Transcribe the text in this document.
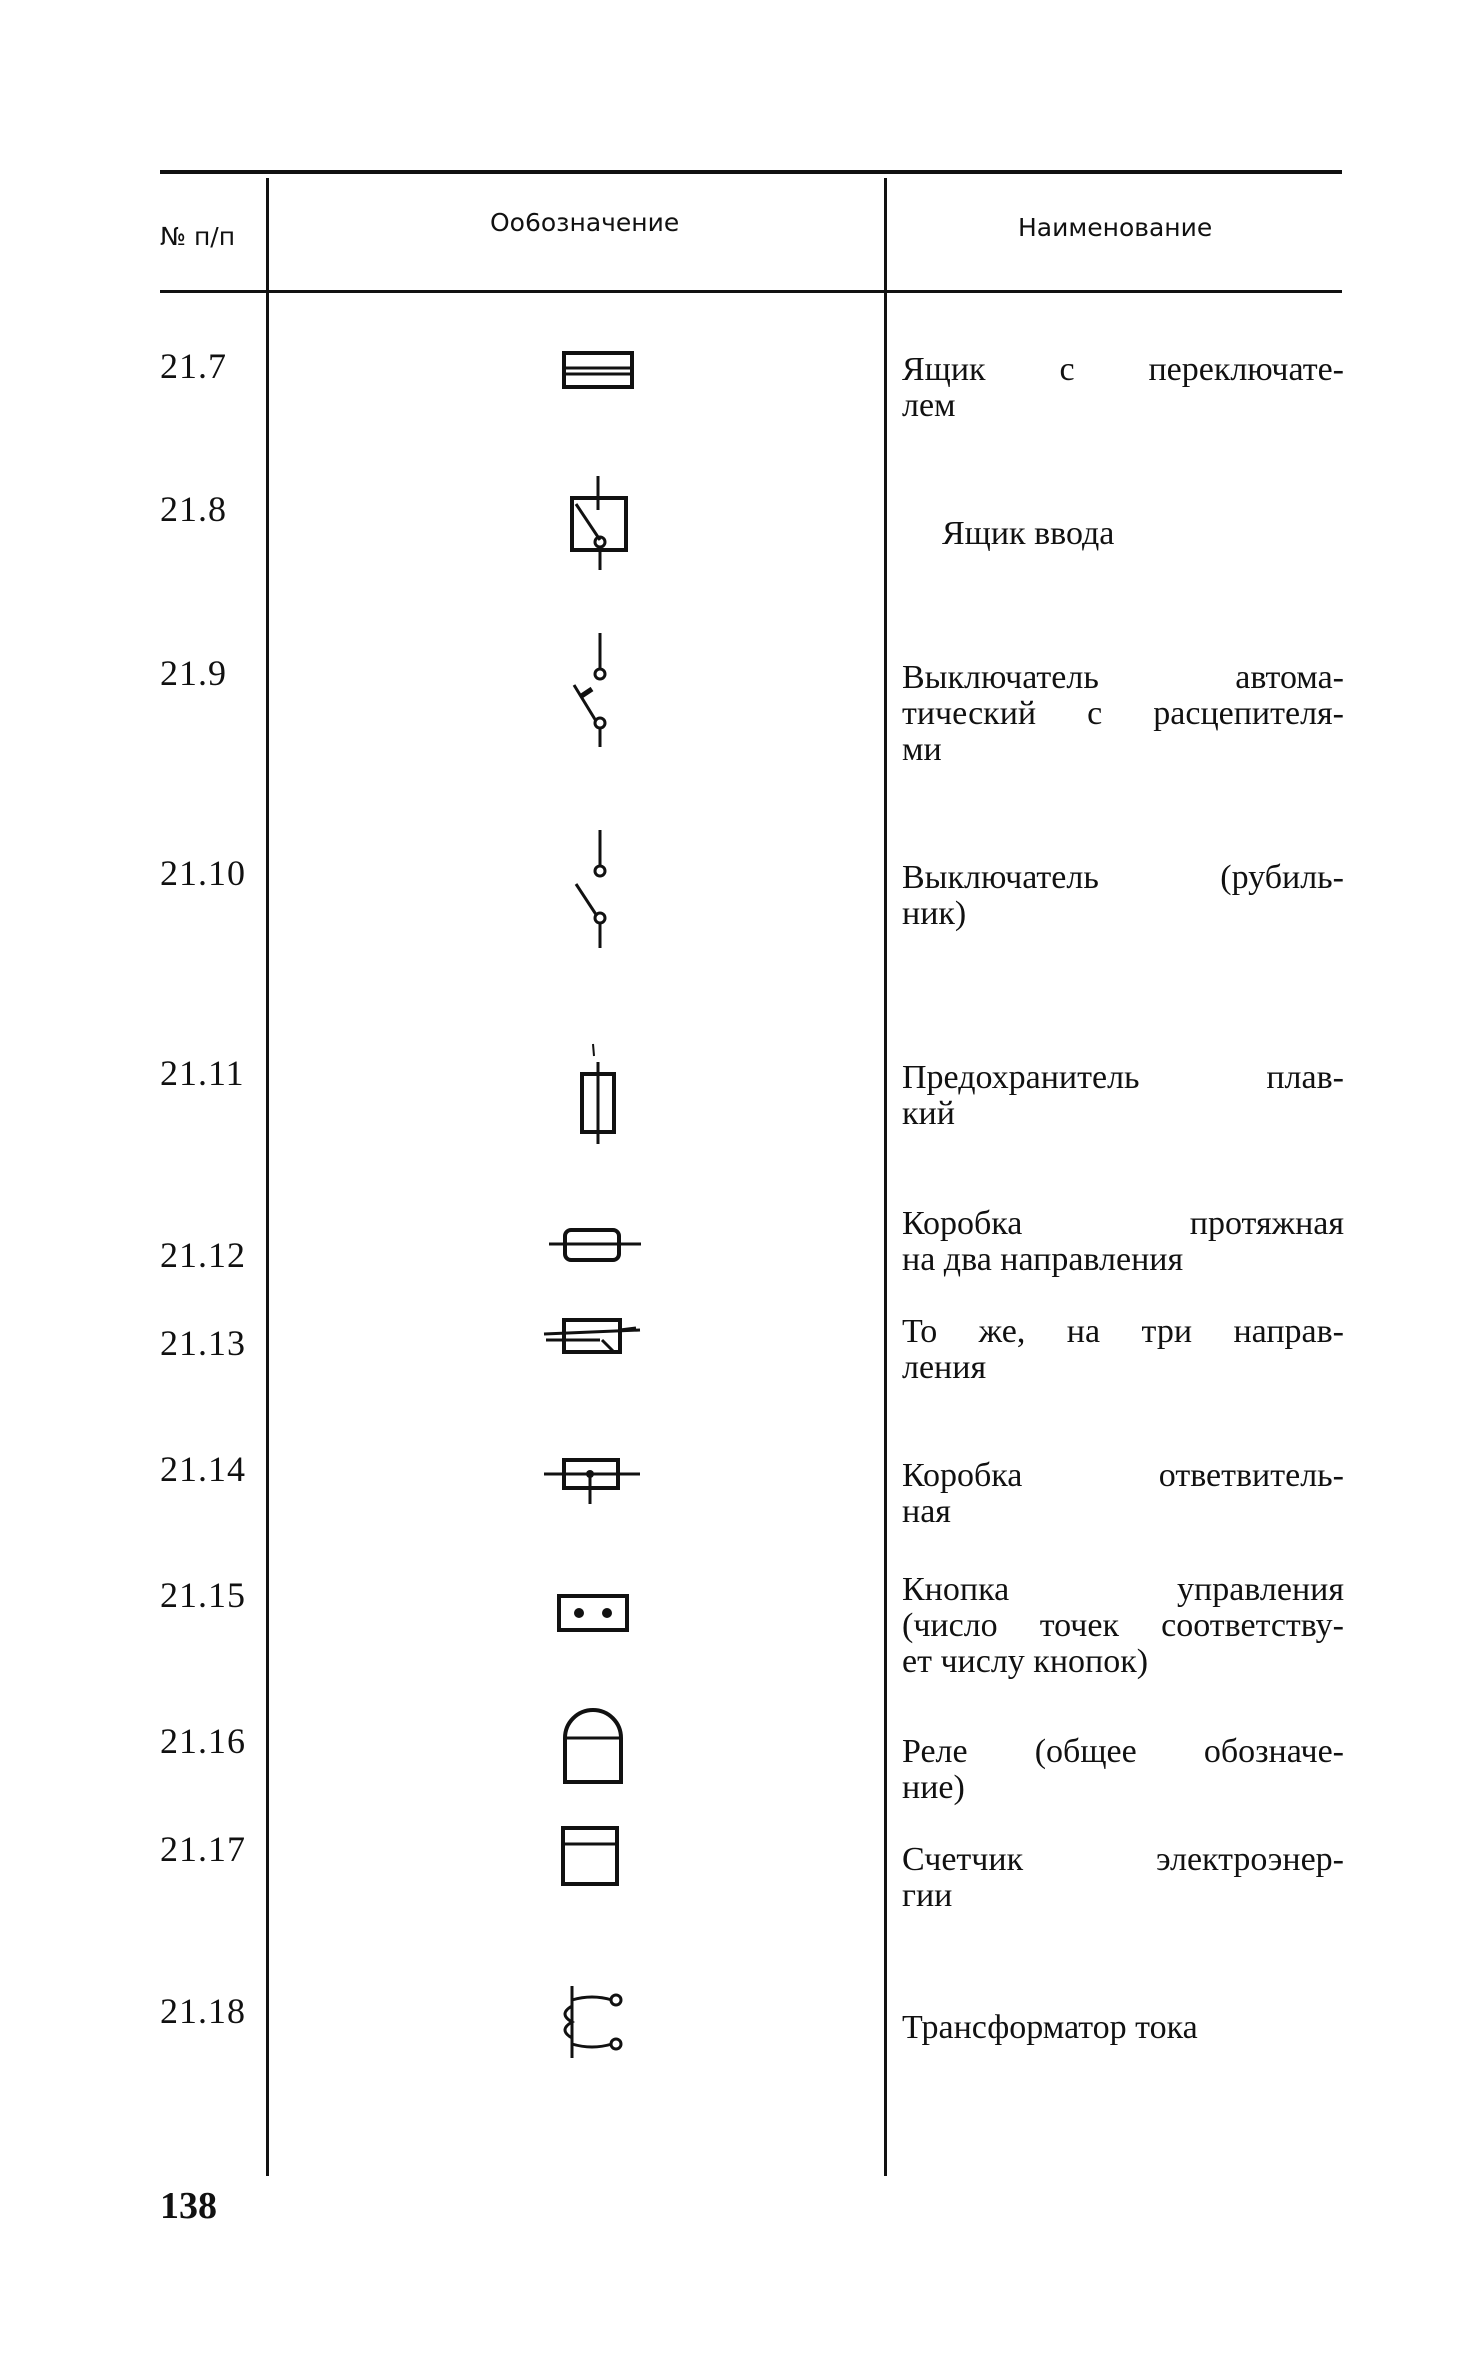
№ п/п	Оо6означение	Наименование
21.7
21.8
21.9
21.10
21.11
21.12
21.13
21.14
21.15
21.16
21.17
21.18
Ящик с переключате-
лем
Ящик ввода
Выключатель автома-
тический с расцепителя-
ми
Выключатель (рубиль-
ник)
Предохранитель плав-
кий
Коробка протяжная
на два направления
То же, на три направ-
ления
Коробка ответвитель-
ная
Кнопка управления
(число точек соответству-
ет числу кнопок)
Реле (общее обозначе-
ние)
Счетчик электроэнер-
гии
Трансформатор тока
138
